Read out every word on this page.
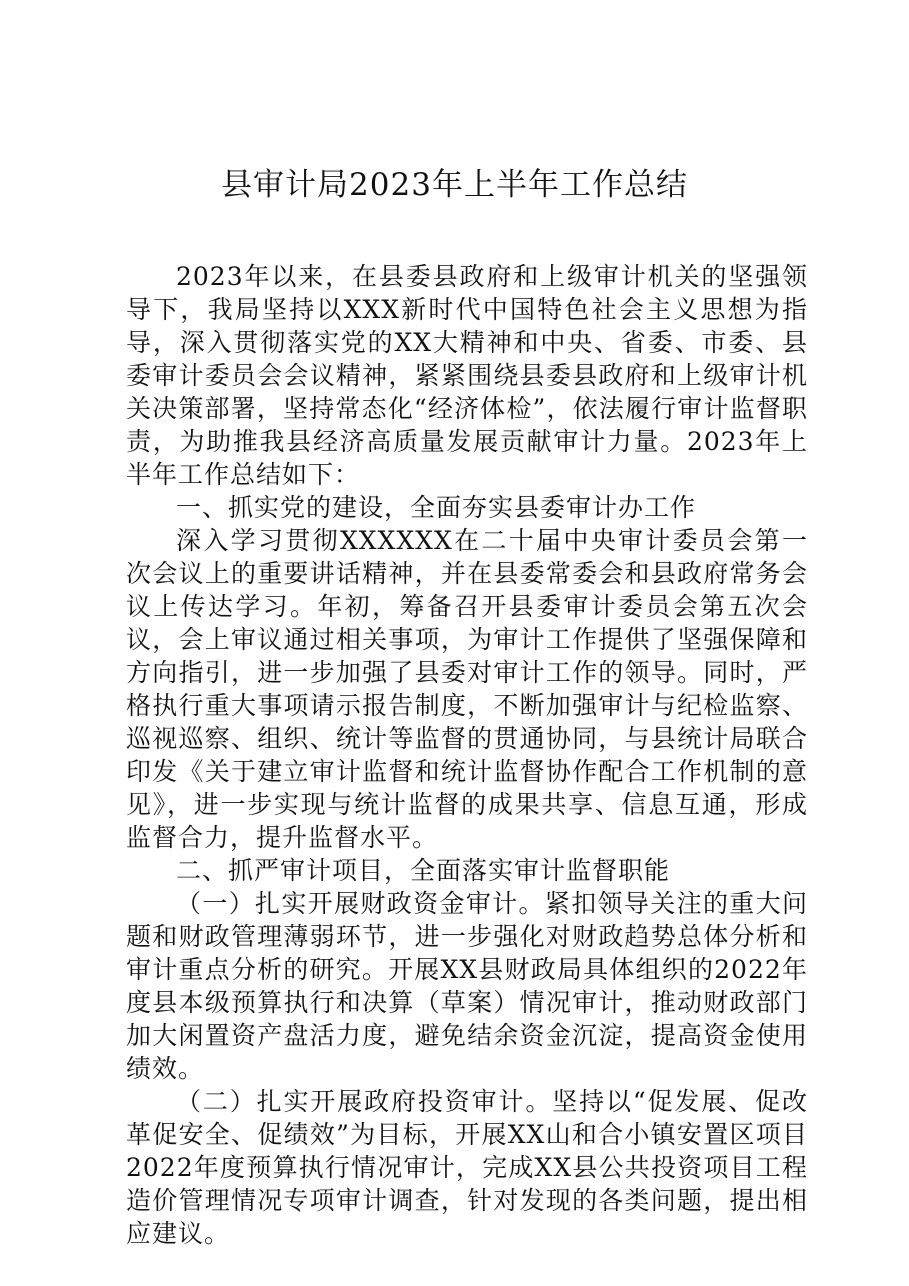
县审计局2023年上半年工作总结

2023年以来，在县委县政府和上级审计机关的坚强领导下，我局坚持以XXX新时代中国特色社会主义思想为指导，深入贯彻落实党的XX大精神和中央、省委、市委、县委审计委员会会议精神，紧紧围绕县委县政府和上级审计机关决策部署，坚持常态化“经济体检”，依法履行审计监督职责，为助推我县经济高质量发展贡献审计力量。2023年上半年工作总结如下：

一、抓实党的建设，全面夯实县委审计办工作

深入学习贯彻XXXXXX在二十届中央审计委员会第一次会议上的重要讲话精神，并在县委常委会和县政府常务会议上传达学习。年初，筹备召开县委审计委员会第五次会议，会上审议通过相关事项，为审计工作提供了坚强保障和方向指引，进一步加强了县委对审计工作的领导。同时，严格执行重大事项请示报告制度，不断加强审计与纪检监察、巡视巡察、组织、统计等监督的贯通协同，与县统计局联合印发《关于建立审计监督和统计监督协作配合工作机制的意见》，进一步实现与统计监督的成果共享、信息互通，形成监督合力，提升监督水平。

二、抓严审计项目，全面落实审计监督职能

（一）扎实开展财政资金审计。紧扣领导关注的重大问题和财政管理薄弱环节，进一步强化对财政趋势总体分析和审计重点分析的研究。开展XX县财政局具体组织的2022年度县本级预算执行和决算（草案）情况审计，推动财政部门加大闲置资产盘活力度，避免结余资金沉淀，提高资金使用绩效。

（二）扎实开展政府投资审计。坚持以“促发展、促改革促安全、促绩效”为目标，开展XX山和合小镇安置区项目2022年度预算执行情况审计，完成XX县公共投资项目工程造价管理情况专项审计调查，针对发现的各类问题，提出相应建议。
